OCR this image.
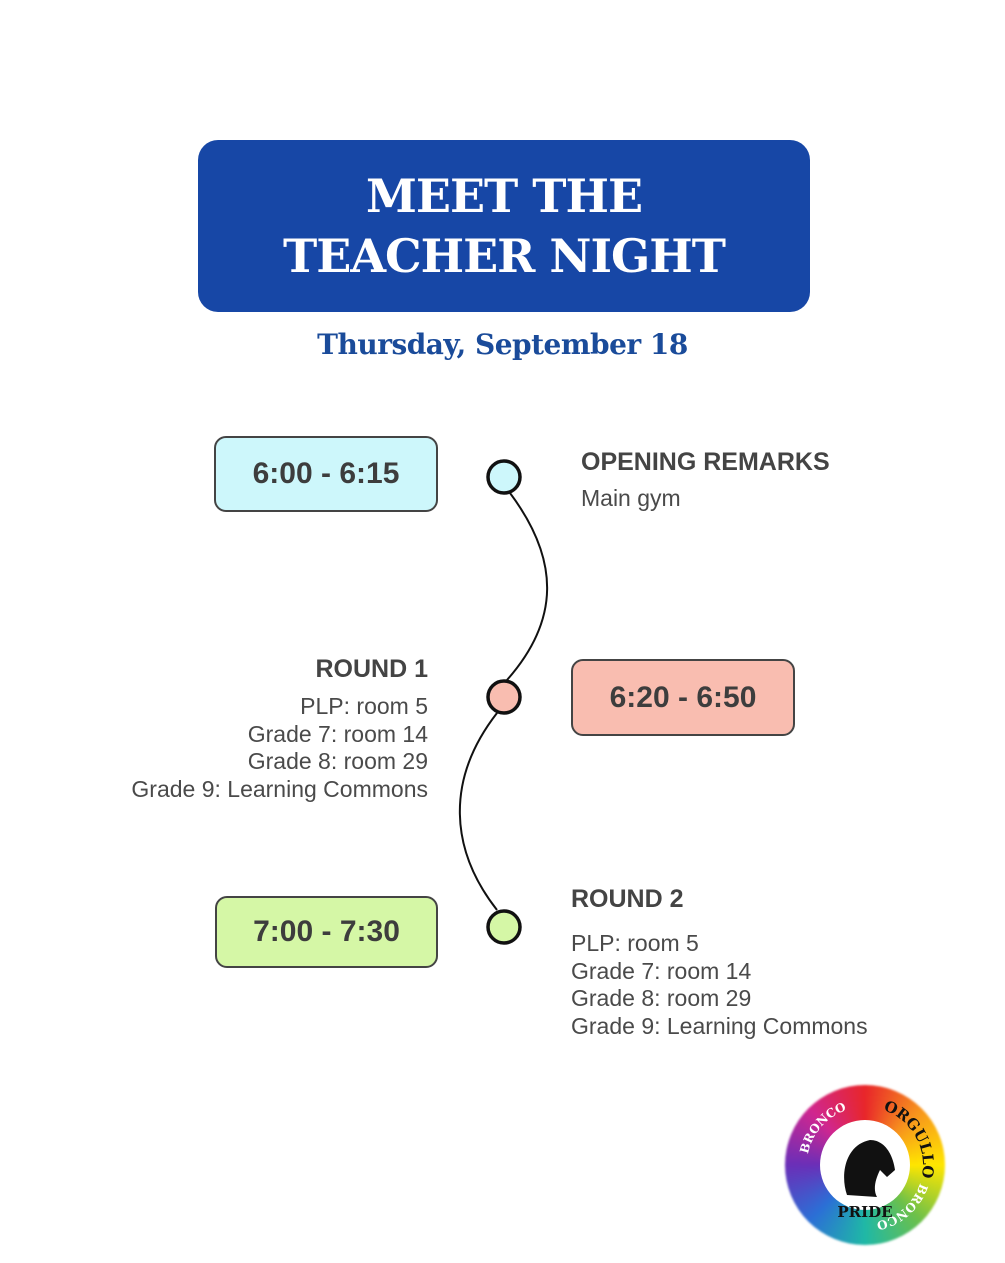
MEET THE TEACHER NIGHT
Thursday, September 18
6:00 - 6:15
6:20 - 6:50
7:00 - 7:30
OPENING REMARKS
Main gym
ROUND 1
PLP: room 5
Grade 7: room 14
Grade 8: room 29
Grade 9: Learning Commons
ROUND 2
PLP: room 5
Grade 7: room 14
Grade 8: room 29
Grade 9: Learning Commons
ORGULLO
BRONCO
BRONCO
PRIDE
